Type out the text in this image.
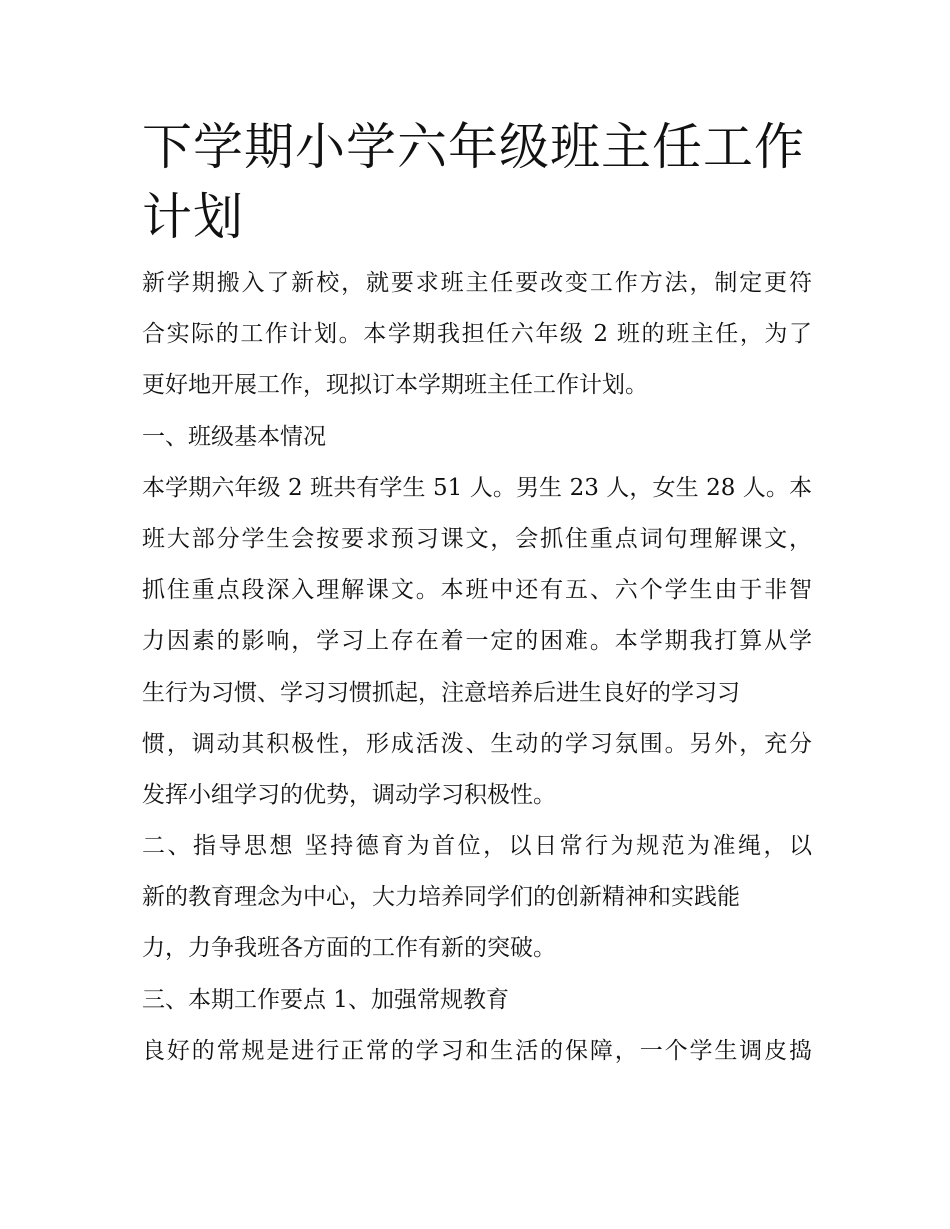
下学期小学六年级班主任工作
计划

新学期搬入了新校，就要求班主任要改变工作方法，制定更符

合实际的工作计划。本学期我担任六年级 2 班的班主任，为了

更好地开展工作，现拟订本学期班主任工作计划。

一、班级基本情况

本学期六年级 2 班共有学生 51 人。男生 23 人，女生 28 人。本

班大部分学生会按要求预习课文，会抓住重点词句理解课文，

抓住重点段深入理解课文。本班中还有五、六个学生由于非智

力因素的影响，学习上存在着一定的困难。本学期我打算从学

生行为习惯、学习习惯抓起，注意培养后进生良好的学习习

惯，调动其积极性，形成活泼、生动的学习氛围。另外，充分

发挥小组学习的优势，调动学习积极性。

二、指导思想 坚持德育为首位，以日常行为规范为准绳，以

新的教育理念为中心，大力培养同学们的创新精神和实践能

力，力争我班各方面的工作有新的突破。

三、本期工作要点 1、加强常规教育

良好的常规是进行正常的学习和生活的保障，一个学生调皮捣
